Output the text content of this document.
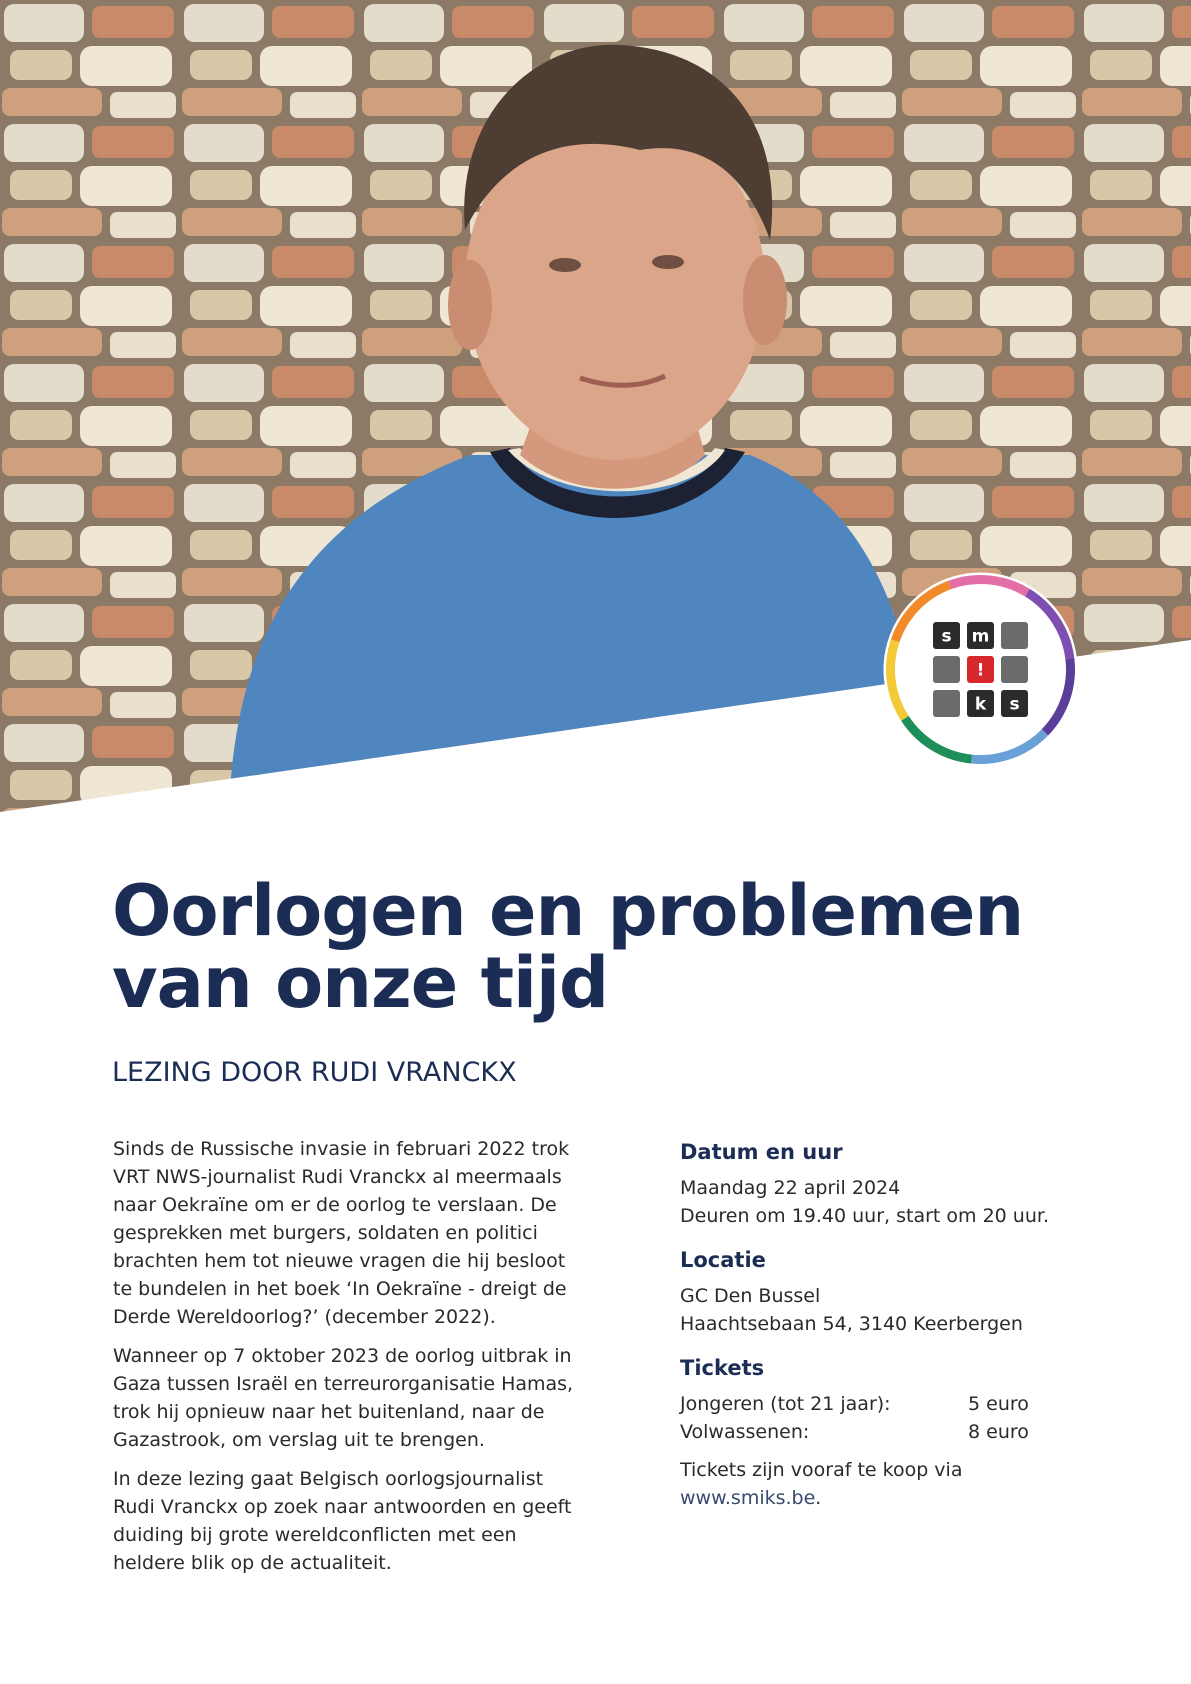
s m
!
k s
Oorlogen en problemen
van onze tijd
LEZING DOOR RUDI VRANCKX

Sinds de Russische invasie in februari 2022 trok VRT NWS-journalist Rudi Vranckx al meermaals naar Oekraïne om er de oorlog te verslaan. De gesprekken met burgers, soldaten en politici brachten hem tot nieuwe vragen die hij besloot te bundelen in het boek ‘In Oekraïne - dreigt de Derde Wereldoorlog?’ (december 2022).

Wanneer op 7 oktober 2023 de oorlog uitbrak in Gaza tussen Israël en terreurorganisatie Hamas, trok hij opnieuw naar het buitenland, naar de Gazastrook, om verslag uit te brengen.

In deze lezing gaat Belgisch oorlogsjournalist Rudi Vranckx op zoek naar antwoorden en geeft duiding bij grote wereldconflicten met een heldere blik op de actualiteit.

Datum en uur
Maandag 22 april 2024
Deuren om 19.40 uur, start om 20 uur.
Locatie
GC Den Bussel
Haachtsebaan 54, 3140 Keerbergen
Tickets
Jongeren (tot 21 jaar):	5 euro
Volwassenen:	8 euro
Tickets zijn vooraf te koop via www.smiks.be.
